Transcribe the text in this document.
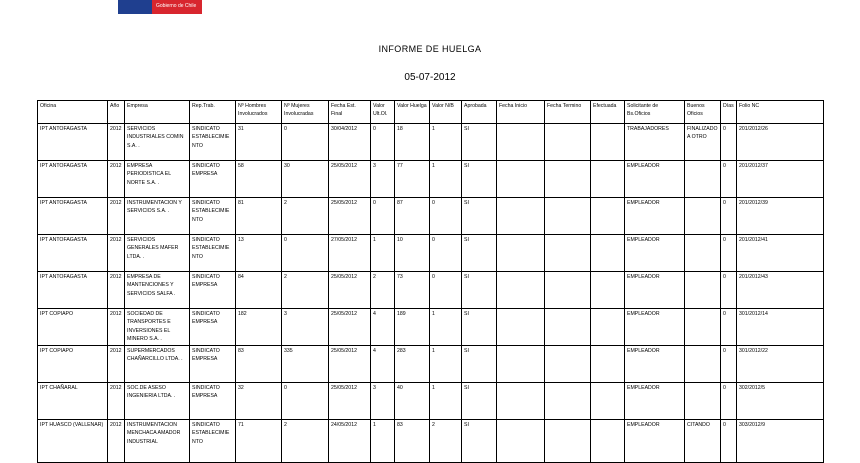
Gobierno de Chile
INFORME DE HUELGA
05-07-2012
Oficina	Año	Empresa	Rep.Trab.	Nº Hombres Involucrados	Nº Mujeres Involucradas	Fecha Est. Final	Valor Ult.Ol.	Valor Huelga	Valor N/B	Aprobada	Fecha Inicio	Fecha Termino	Efectuada	Solicitante de Bs.Oficios	Buenos Oficios	Días	Folio NC
IPT ANTOFAGASTA	2012	SERVICIOS INDUSTRIALES COMIN S.A. .	SINDICATO ESTABLECIMIENTO	31	0	30/04/2012	0	18	1	SI				TRABAJADORES	FINALIZADO A OTRO	0	201/2012/26
IPT ANTOFAGASTA	2012	EMPRESA PERIODISTICA EL NORTE S.A. .	SINDICATO EMPRESA	58	30	25/05/2012	3	77	1	SI				EMPLEADOR		0	201/2012/37
IPT ANTOFAGASTA	2012	INSTRUMENTACION Y SERVICIOS S.A. .	SINDICATO ESTABLECIMIENTO	81	2	25/05/2012	0	87	0	SI				EMPLEADOR		0	201/2012/39
IPT ANTOFAGASTA	2012	SERVICIOS GENERALES MAFER LTDA. .	SINDICATO ESTABLECIMIENTO	13	0	27/05/2012	1	10	0	SI				EMPLEADOR		0	201/2012/41
IPT ANTOFAGASTA	2012	EMPRESA DE MANTENCIONES Y SERVICIOS SALFA .	SINDICATO EMPRESA	84	2	25/05/2012	2	73	0	SI				EMPLEADOR		0	201/2012/43
IPT COPIAPO	2012	SOCIEDAD DE TRANSPORTES E INVERSIONES EL MINERO S.A. .	SINDICATO EMPRESA	182	3	25/05/2012	4	189	1	SI				EMPLEADOR		0	301/2012/14
IPT COPIAPO	2012	SUPERMERCADOS CHAÑARCILLO LTDA. .	SINDICATO EMPRESA	83	335	25/05/2012	4	283	1	SI				EMPLEADOR		0	301/2012/22
IPT CHAÑARAL	2012	SOC.DE ASESO INGENIERIA LTDA. .	SINDICATO EMPRESA	32	0	25/05/2012	3	40	1	SI				EMPLEADOR		0	302/2012/5
IPT HUASCO (VALLENAR)	2012	INSTRUMENTACION MENCHACA AMADOR INDUSTRIAL	SINDICATO ESTABLECIMIENTO	71	2	24/05/2012	1	83	2	SI				EMPLEADOR	CITANDO	0	303/2012/9
